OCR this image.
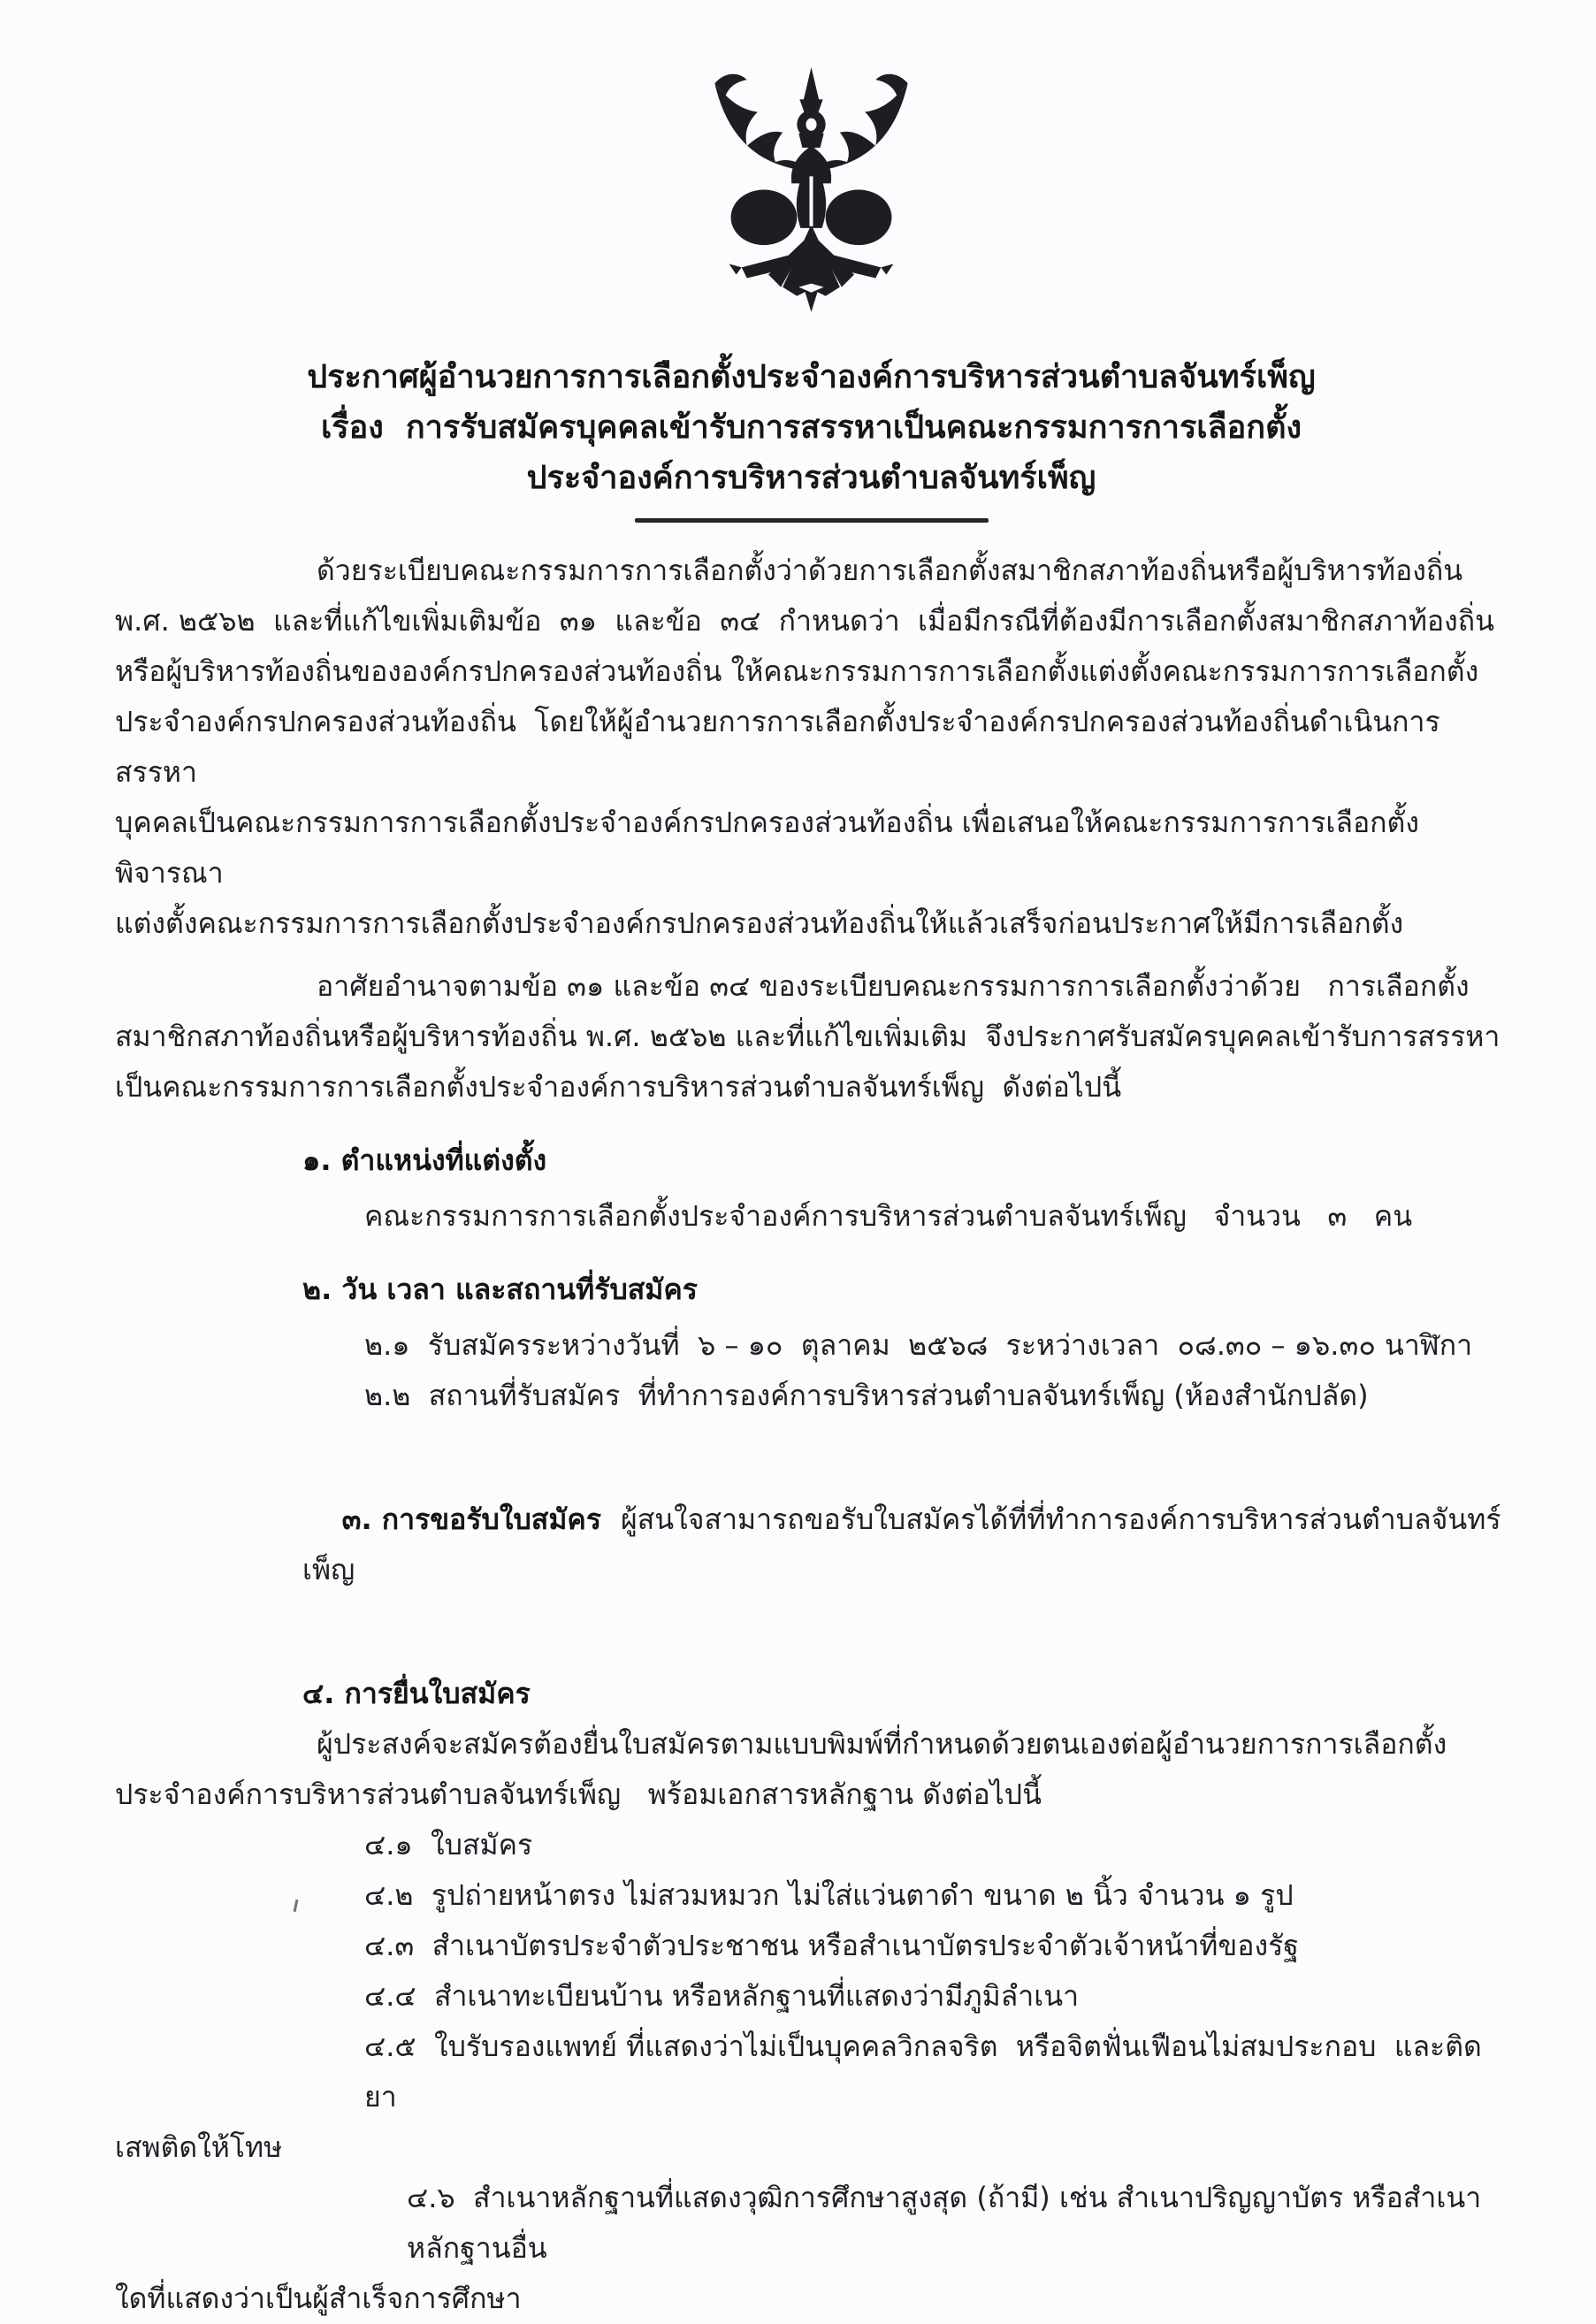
ประกาศผู้อำนวยการการเลือกตั้งประจำองค์การบริหารส่วนตำบลจันทร์เพ็ญ
เรื่อง  การรับสมัครบุคคลเข้ารับการสรรหาเป็นคณะกรรมการการเลือกตั้ง
ประจำองค์การบริหารส่วนตำบลจันทร์เพ็ญ
ด้วยระเบียบคณะกรรมการการเลือกตั้งว่าด้วยการเลือกตั้งสมาชิกสภาท้องถิ่นหรือผู้บริหารท้องถิ่น
พ.ศ. ๒๕๖๒  และที่แก้ไขเพิ่มเติมข้อ  ๓๑  และข้อ  ๓๔  กำหนดว่า  เมื่อมีกรณีที่ต้องมีการเลือกตั้งสมาชิกสภาท้องถิ่น
หรือผู้บริหารท้องถิ่นขององค์กรปกครองส่วนท้องถิ่น ให้คณะกรรมการการเลือกตั้งแต่งตั้งคณะกรรมการการเลือกตั้ง
ประจำองค์กรปกครองส่วนท้องถิ่น  โดยให้ผู้อำนวยการการเลือกตั้งประจำองค์กรปกครองส่วนท้องถิ่นดำเนินการสรรหา
บุคคลเป็นคณะกรรมการการเลือกตั้งประจำองค์กรปกครองส่วนท้องถิ่น เพื่อเสนอให้คณะกรรมการการเลือกตั้งพิจารณา
แต่งตั้งคณะกรรมการการเลือกตั้งประจำองค์กรปกครองส่วนท้องถิ่นให้แล้วเสร็จก่อนประกาศให้มีการเลือกตั้ง
อาศัยอำนาจตามข้อ ๓๑ และข้อ ๓๔ ของระเบียบคณะกรรมการการเลือกตั้งว่าด้วย   การเลือกตั้ง
สมาชิกสภาท้องถิ่นหรือผู้บริหารท้องถิ่น พ.ศ. ๒๕๖๒ และที่แก้ไขเพิ่มเติม  จึงประกาศรับสมัครบุคคลเข้ารับการสรรหา
เป็นคณะกรรมการการเลือกตั้งประจำองค์การบริหารส่วนตำบลจันทร์เพ็ญ  ดังต่อไปนี้
๑. ตำแหน่งที่แต่งตั้ง
คณะกรรมการการเลือกตั้งประจำองค์การบริหารส่วนตำบลจันทร์เพ็ญ   จำนวน   ๓   คน
๒. วัน เวลา และสถานที่รับสมัคร
๒.๑  รับสมัครระหว่างวันที่  ๖ – ๑๐  ตุลาคม  ๒๕๖๘  ระหว่างเวลา  ๐๘.๓๐ – ๑๖.๓๐ นาฬิกา
๒.๒  สถานที่รับสมัคร  ที่ทำการองค์การบริหารส่วนตำบลจันทร์เพ็ญ (ห้องสำนักปลัด)

๓. การขอรับใบสมัคร ผู้สนใจสามารถขอรับใบสมัครได้ที่ที่ทำการองค์การบริหารส่วนตำบลจันทร์เพ็ญ

๔. การยื่นใบสมัคร
ผู้ประสงค์จะสมัครต้องยื่นใบสมัครตามแบบพิมพ์ที่กำหนดด้วยตนเองต่อผู้อำนวยการการเลือกตั้ง
ประจำองค์การบริหารส่วนตำบลจันทร์เพ็ญ   พร้อมเอกสารหลักฐาน ดังต่อไปนี้
๔.๑  ใบสมัคร
๔.๒  รูปถ่ายหน้าตรง ไม่สวมหมวก ไม่ใส่แว่นตาดำ ขนาด ๒ นิ้ว จำนวน ๑ รูป
๔.๓  สำเนาบัตรประจำตัวประชาชน หรือสำเนาบัตรประจำตัวเจ้าหน้าที่ของรัฐ
๔.๔  สำเนาทะเบียนบ้าน หรือหลักฐานที่แสดงว่ามีภูมิลำเนา
๔.๕  ใบรับรองแพทย์ ที่แสดงว่าไม่เป็นบุคคลวิกลจริต  หรือจิตฟั่นเฟือนไม่สมประกอบ  และติดยา
เสพติดให้โทษ
๔.๖  สำเนาหลักฐานที่แสดงวุฒิการศึกษาสูงสุด (ถ้ามี) เช่น สำเนาปริญญาบัตร หรือสำเนาหลักฐานอื่น
ใดที่แสดงว่าเป็นผู้สำเร็จการศึกษา
